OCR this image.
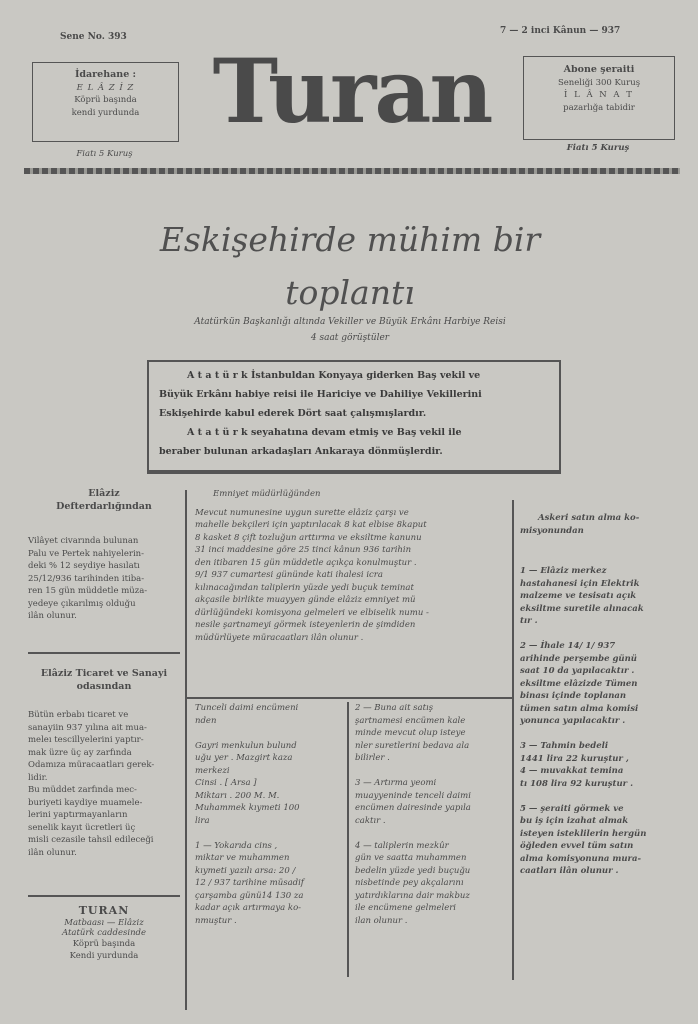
Sene No. 393
7 — 2 inci Kânun — 937
İdarehane :
E L Â Z İ Z
Köprü başında
kendi yurdunda
Fiatı 5 Kuruş
Turan	Abone şeraiti
Seneliği 300 Kuruş
İ L Â N A T
pazarlığa tabidir
Fiatı 5 Kuruş
Eskişehirde mühim bir
toplantı
Atatürkün Başkanlığı altında Vekiller ve Büyük Erkânı Harbiye Reisi
4 saat görüştüler
A t a t ü r k İstanbuldan Konyaya giderken Baş vekil ve
Büyük Erkânı habiye reisi ile Hariciye ve Dahiliye Vekillerini
Eskişehirde kabul ederek Dört saat çalışmışlardır.
A t a t ü r k seyahatına devam etmiş ve Baş vekil ile
beraber bulunan arkadaşları Ankaraya dönmüşlerdir.
Elâziz
Defterdarlığından
Vilâyet civarında bulunan
Palu ve Pertek nahiyelerin-
deki % 12 seydiye hasılatı
25/12/936 tarihinden itiba-
ren 15 gün müddetle müza-
yedeye çıkarılmış olduğu
ilân olunur.
Elâziz Ticaret ve Sanayi
odasından
Bütün erbabı ticaret ve
sanayiin 937 yılına ait mua-
meleı tescillyelerini yaptır-
mak üzre üç ay zarfında
Odamıza müracaatları gerek-
lidir.
Bu müddet zarfında mec-
buriyeti kaydiye muamele-
lerini yaptırmayanların
senelik kayıt ücretleri üç
misli cezasile tahsil edileceği
ilân olunur.
TURAN
Matbaası — Elâziz
Atatürk caddesinde
Köprü başında
Kendi yurdunda
Emniyet müdürlüğünden
Mevcut numunesine uygun surette elâziz çarşı ve
mahelle bekçileri için yaptırılacak 8 kat elbise 8kaput
8 kasket 8 çift tozluğun arttırma ve eksiltme kanunu
31 inci maddesine göre 25 tinci kânun 936 tarihin
den itibaren 15 gün müddetle açıkça konulmuştur .
9/1 937 cumartesi gününde kati ihalesi icra
kılınacağından taliplerin yüzde yedi buçuk teminat
akçasile birlikte muayyen günde elâziz emniyet mü
dürlüğündeki komisyona gelmeleri ve elbiselik numu -
nesile şartnameyi görmek isteyenlerin de şimdiden
müdürlüyete müracaatları ilân olunur .
Tunceli daimi encümeni
nden
Gayri menkulun bulund
uğu yer . Mazgirt kaza
merkezi
Cinsi . [ Arsa ]
Miktarı . 200 M. M.
Muhammek kıymeti 100
lira
1 — Yokarıda cins ,
miktar ve muhammen
kıymeti yazılı arsa: 20 /
12 / 937 tarihine müsadif
çarşamba günü14 130 za
kadar açık artırmaya ko-
nmuştur .
2 — Buna ait satış
şartnamesi encümen kale
minde mevcut olup isteye
nler suretlerini bedava ala
bilirler .
3 — Artırma yeomi
muayyeninde tenceli daimi
encümen dairesinde yapıla
caktır .
4 — taliplerin mezkûr
gün ve saatta muhammen
bedelin yüzde yedi buçuğu
nisbetinde pey akçalarını
yatırdıklarına dair makbuz
ile encümene gelmeleri
ilan olunur .
Askeri satın alma ko-
misyonundan
1 — Elâziz merkez
hastahanesi için Elektrik
malzeme ve tesisatı açık
eksiltme suretile alınacak
tır .
2 — İhale 14/ 1/ 937
arihinde perşembe günü
saat 10 da yapılacaktır .
eksiltme elâzizde Tümen
binası içinde toplanan
tümen satın alma komisi
yonunca yapılacaktır .
3 — Tahmin bedeli
1441 lira 22 kuruştur ,
4 — muvakkat temina
tı 108 lira 92 kuruştur .
5 — şeraiti görmek ve
bu iş için izahat almak
isteyen isteklilerin hergün
öğleden evvel tüm satın
alma komisyonuna mura-
caatları ilân olunur .
